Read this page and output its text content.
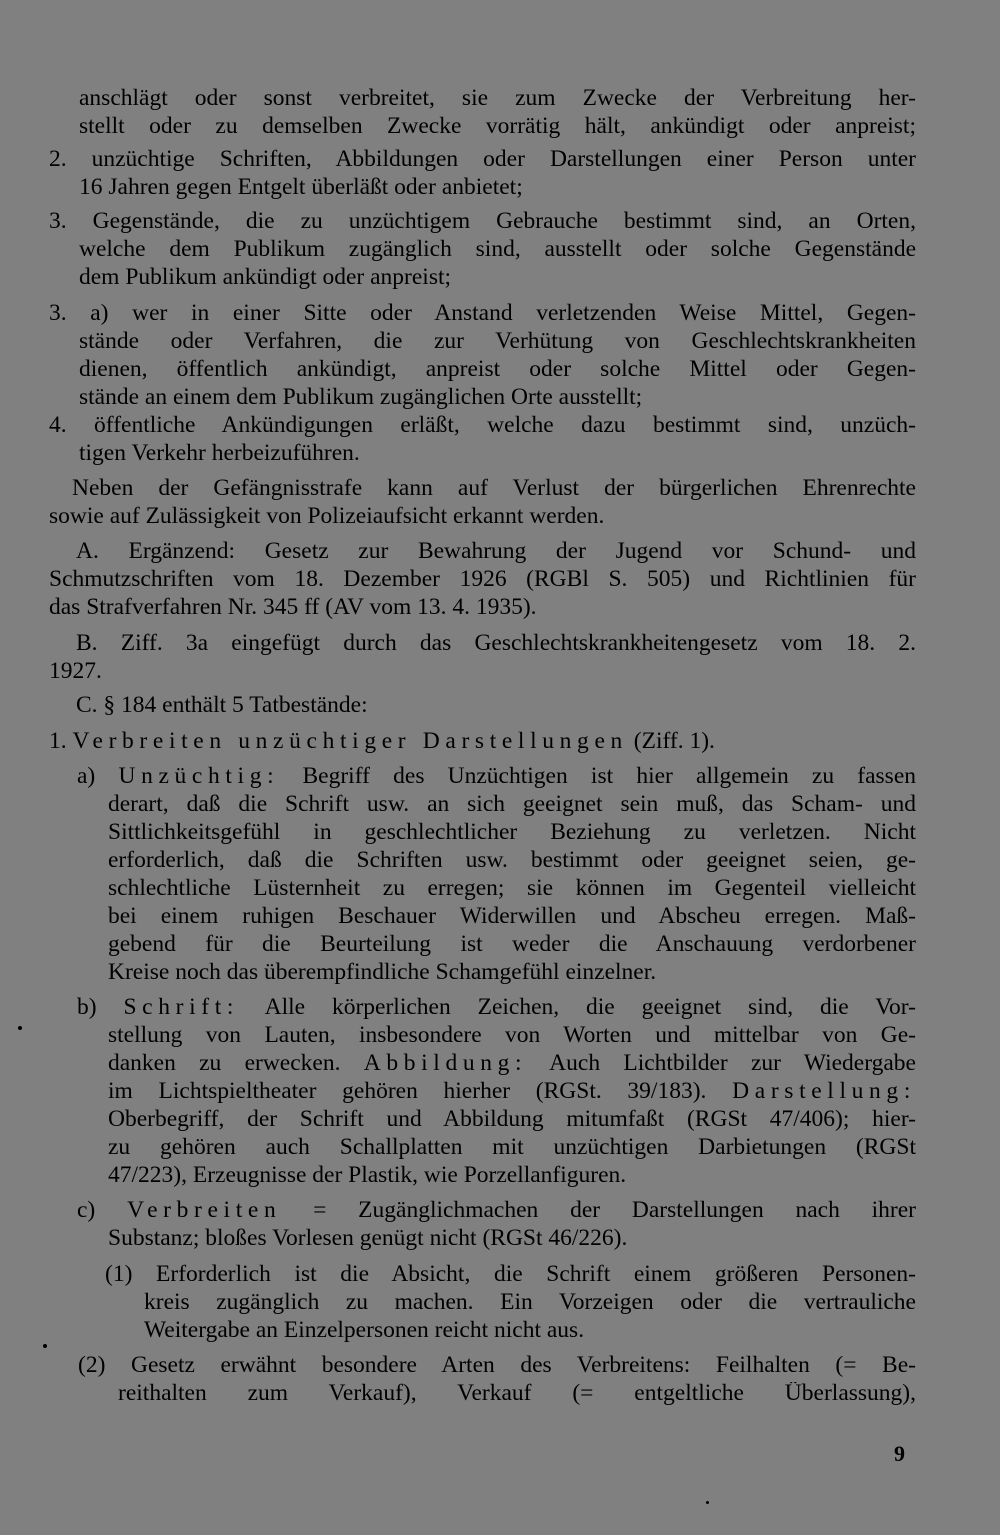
anschlägt oder sonst verbreitet, sie zum Zwecke der Verbreitung her-
stellt oder zu demselben Zwecke vorrätig hält, ankündigt oder anpreist;
2. unzüchtige Schriften, Abbildungen oder Darstellungen einer Person unter
16 Jahren gegen Entgelt überläßt oder anbietet;
3. Gegenstände, die zu unzüchtigem Gebrauche bestimmt sind, an Orten,
welche dem Publikum zugänglich sind, ausstellt oder solche Gegenstände
dem Publikum ankündigt oder anpreist;
3. a) wer in einer Sitte oder Anstand verletzenden Weise Mittel, Gegen-
stände oder Verfahren, die zur Verhütung von Geschlechtskrankheiten
dienen, öffentlich ankündigt, anpreist oder solche Mittel oder Gegen-
stände an einem dem Publikum zugänglichen Orte ausstellt;
4. öffentliche Ankündigungen erläßt, welche dazu bestimmt sind, unzüch-
tigen Verkehr herbeizuführen.
Neben der Gefängnisstrafe kann auf Verlust der bürgerlichen Ehrenrechte
sowie auf Zulässigkeit von Polizeiaufsicht erkannt werden.
A. Ergänzend: Gesetz zur Bewahrung der Jugend vor Schund- und
Schmutzschriften vom 18. Dezember 1926 (RGBl S. 505) und Richtlinien für
das Strafverfahren Nr. 345 ff (AV vom 13. 4. 1935).
B. Ziff. 3a eingefügt durch das Geschlechtskrankheitengesetz vom 18. 2.
1927.
C. § 184 enthält 5 Tatbestände:
1. Verbreiten unzüchtiger Darstellungen (Ziff. 1).
a) Unzüchtig: Begriff des Unzüchtigen ist hier allgemein zu fassen
derart, daß die Schrift usw. an sich geeignet sein muß, das Scham- und
Sittlichkeitsgefühl in geschlechtlicher Beziehung zu verletzen. Nicht
erforderlich, daß die Schriften usw. bestimmt oder geeignet seien, ge-
schlechtliche Lüsternheit zu erregen; sie können im Gegenteil vielleicht
bei einem ruhigen Beschauer Widerwillen und Abscheu erregen. Maß-
gebend für die Beurteilung ist weder die Anschauung verdorbener
Kreise noch das überempfindliche Schamgefühl einzelner.
b) Schrift: Alle körperlichen Zeichen, die geeignet sind, die Vor-
stellung von Lauten, insbesondere von Worten und mittelbar von Ge-
danken zu erwecken. Abbildung: Auch Lichtbilder zur Wiedergabe
im Lichtspieltheater gehören hierher (RGSt. 39/183). Darstellung:
Oberbegriff, der Schrift und Abbildung mitumfaßt (RGSt 47/406); hier-
zu gehören auch Schallplatten mit unzüchtigen Darbietungen (RGSt
47/223), Erzeugnisse der Plastik, wie Porzellanfiguren.
c) Verbreiten = Zugänglichmachen der Darstellungen nach ihrer
Substanz; bloßes Vorlesen genügt nicht (RGSt 46/226).
(1) Erforderlich ist die Absicht, die Schrift einem größeren Personen-
kreis zugänglich zu machen. Ein Vorzeigen oder die vertrauliche
Weitergabe an Einzelpersonen reicht nicht aus.
(2) Gesetz erwähnt besondere Arten des Verbreitens: Feilhalten (= Be-
reithalten zum Verkauf), Verkauf (= entgeltliche Überlassung),
9
